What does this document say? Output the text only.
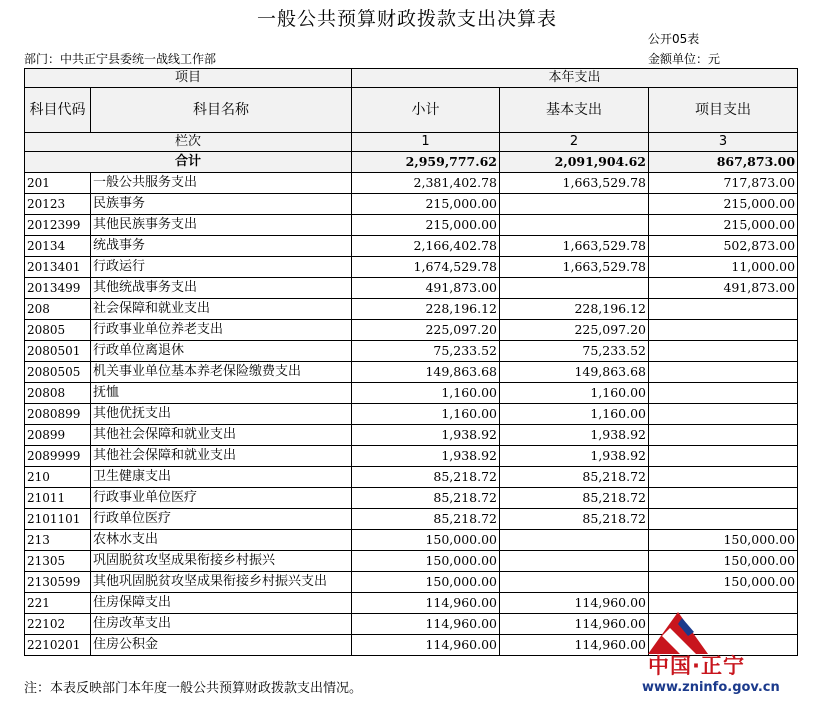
一般公共预算财政拨款支出决算表
公开05表
部门：中共正宁县委统一战线工作部	金额单位：元
项目		本年支出		
科目代码	科目名称	小计	基本支出	项目支出
栏次		1	2	3
合计		2,959,777.62	2,091,904.62	867,873.00
201	一般公共服务支出	2,381,402.78	1,663,529.78	717,873.00
20123	民族事务	215,000.00		215,000.00
2012399	其他民族事务支出	215,000.00		215,000.00
20134	统战事务	2,166,402.78	1,663,529.78	502,873.00
2013401	行政运行	1,674,529.78	1,663,529.78	11,000.00
2013499	其他统战事务支出	491,873.00		491,873.00
208	社会保障和就业支出	228,196.12	228,196.12	
20805	行政事业单位养老支出	225,097.20	225,097.20	
2080501	行政单位离退休	75,233.52	75,233.52	
2080505	机关事业单位基本养老保险缴费支出	149,863.68	149,863.68	
20808	抚恤	1,160.00	1,160.00	
2080899	其他优抚支出	1,160.00	1,160.00	
20899	其他社会保障和就业支出	1,938.92	1,938.92	
2089999	其他社会保障和就业支出	1,938.92	1,938.92	
210	卫生健康支出	85,218.72	85,218.72	
21011	行政事业单位医疗	85,218.72	85,218.72	
2101101	行政单位医疗	85,218.72	85,218.72	
213	农林水支出	150,000.00		150,000.00
21305	巩固脱贫攻坚成果衔接乡村振兴	150,000.00		150,000.00
2130599	其他巩固脱贫攻坚成果衔接乡村振兴支出	150,000.00		150,000.00
221	住房保障支出	114,960.00	114,960.00	
22102	住房改革支出	114,960.00	114,960.00	
2210201	住房公积金	114,960.00	114,960.00	
注：本表反映部门本年度一般公共预算财政拨款支出情况。
中国·正宁
www.zninfo.gov.cn
